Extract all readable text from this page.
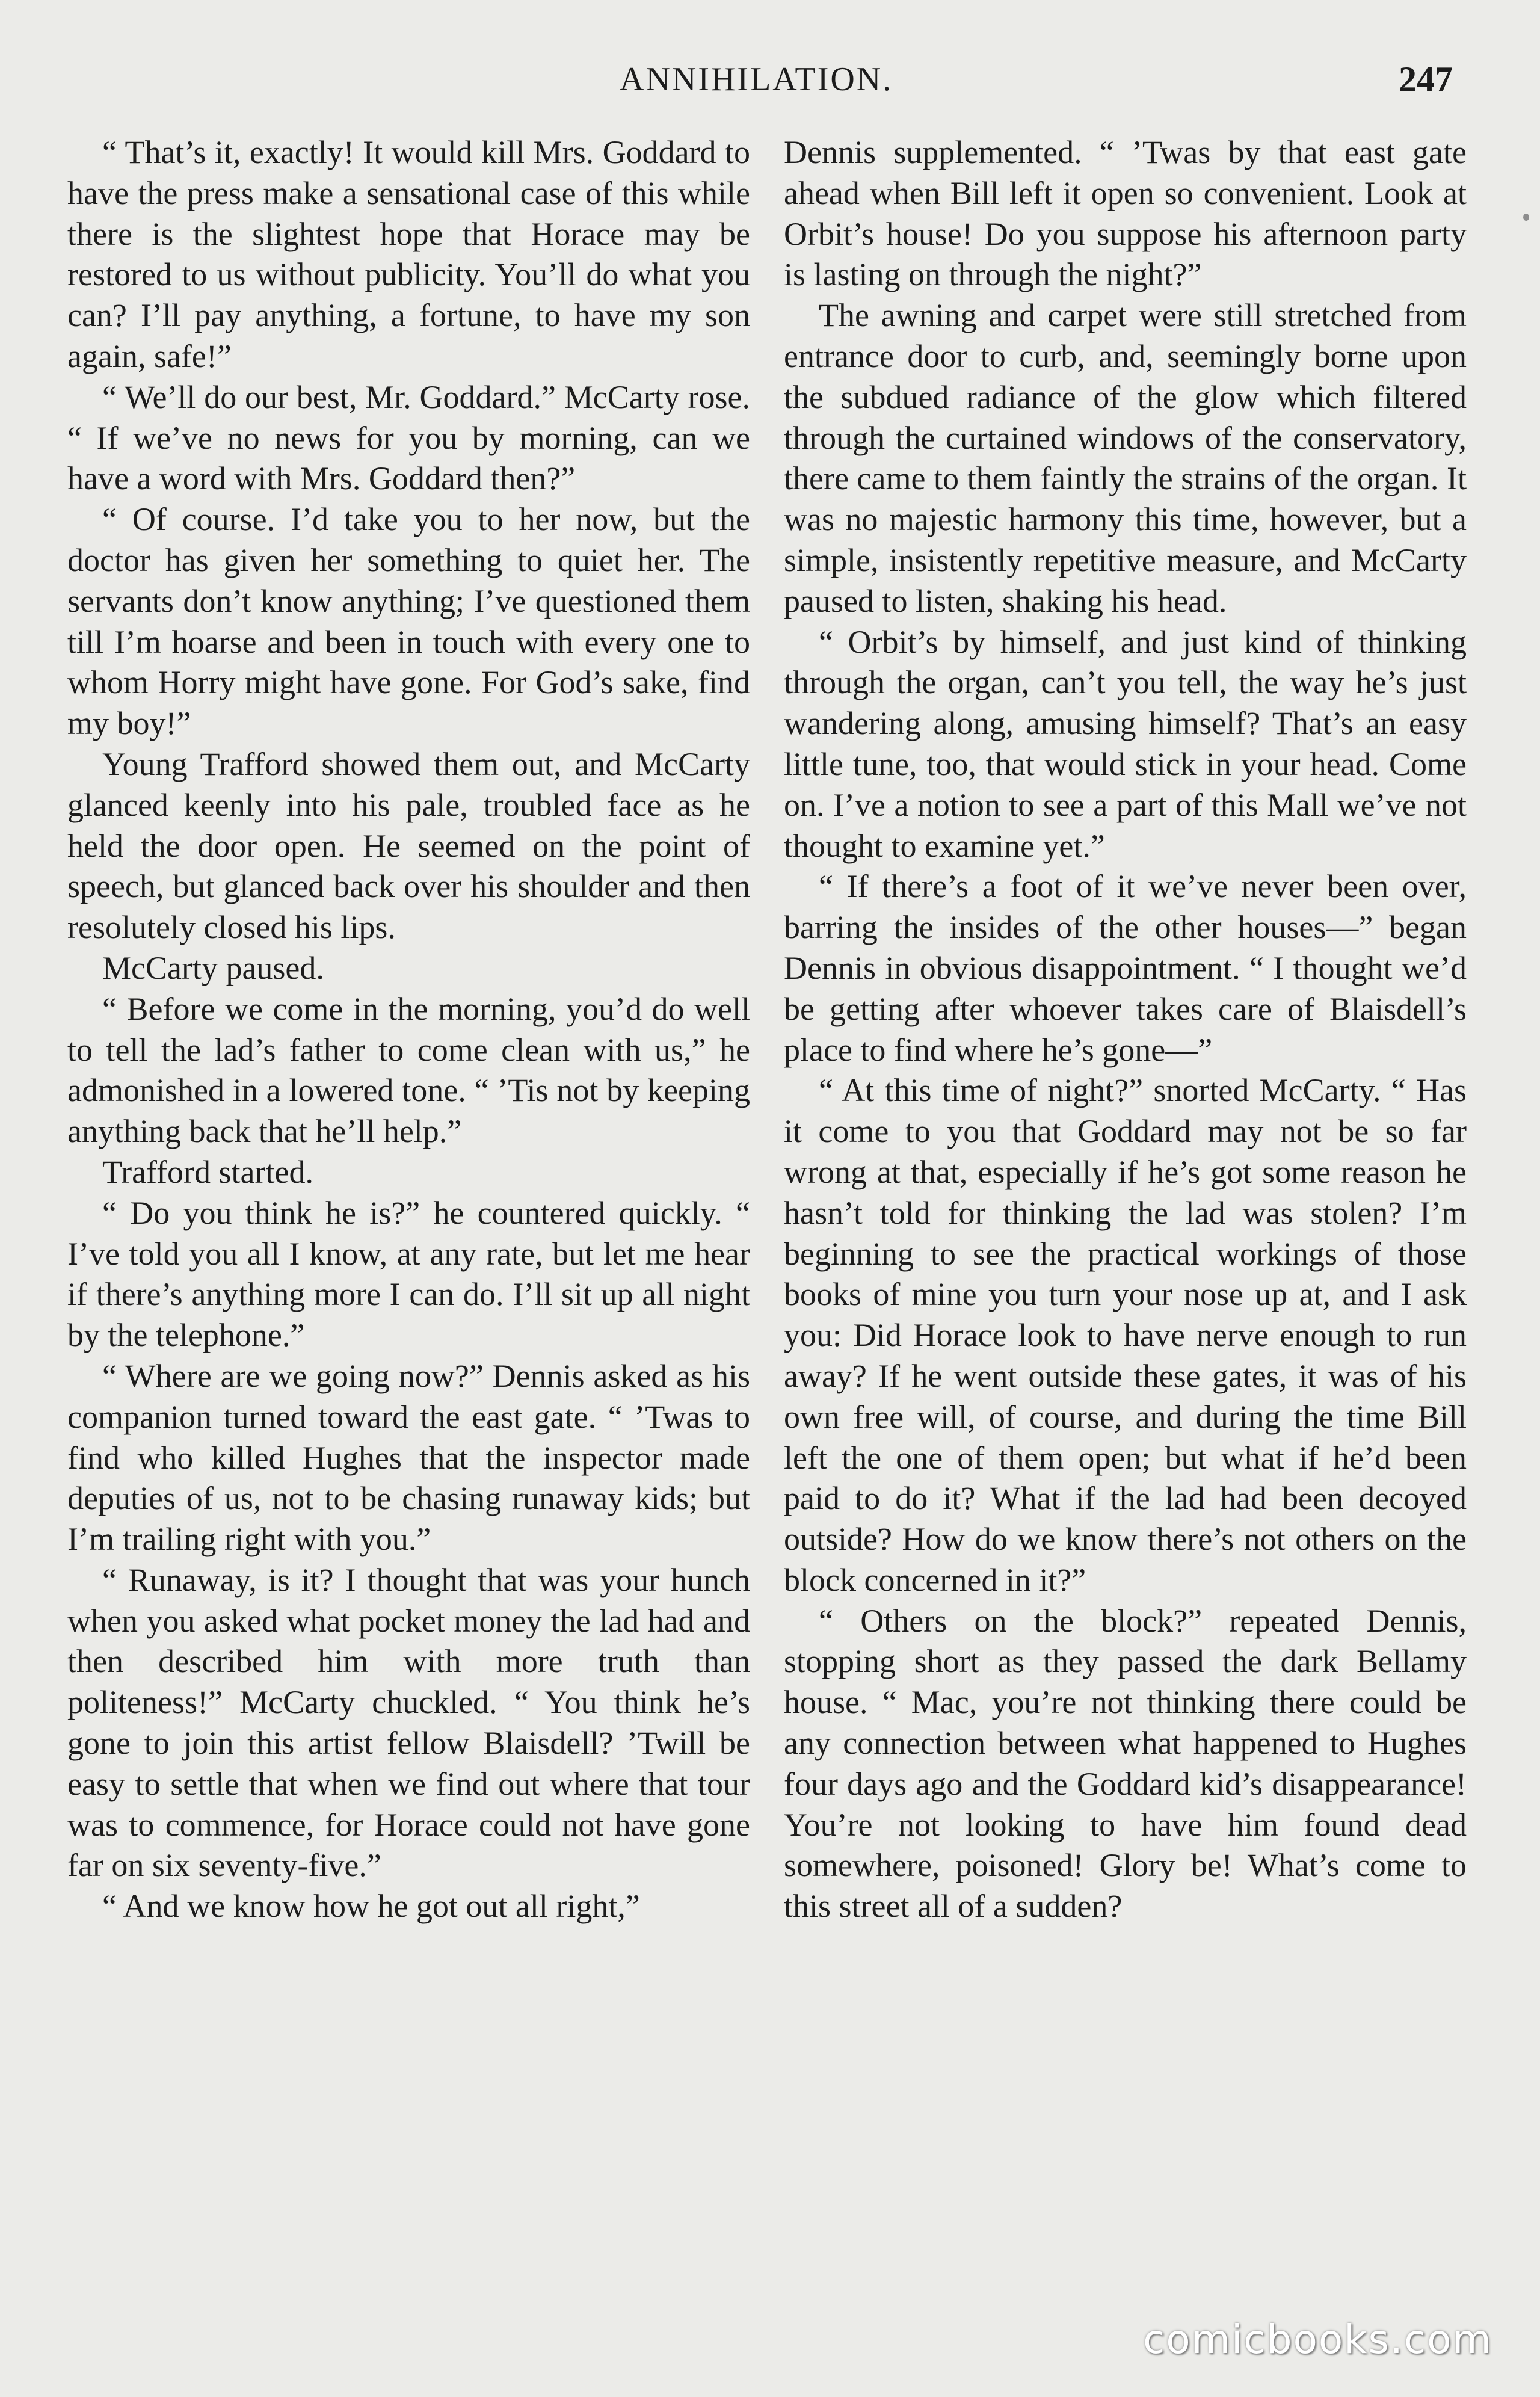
ANNIHILATION.	247

“ That’s it, exactly! It would kill Mrs. Goddard to have the press make a sensational case of this while there is the slightest hope that Horace may be restored to us without publicity. You’ll do what you can? I’ll pay anything, a fortune, to have my son again, safe!”

“ We’ll do our best, Mr. Goddard.” McCarty rose. “ If we’ve no news for you by morning, can we have a word with Mrs. Goddard then?”

“ Of course. I’d take you to her now, but the doctor has given her something to quiet her. The servants don’t know anything; I’ve questioned them till I’m hoarse and been in touch with every one to whom Horry might have gone. For God’s sake, find my boy!”

Young Trafford showed them out, and McCarty glanced keenly into his pale, troubled face as he held the door open. He seemed on the point of speech, but glanced back over his shoulder and then resolutely closed his lips.

McCarty paused.

“ Before we come in the morning, you’d do well to tell the lad’s father to come clean with us,” he admonished in a lowered tone. “ ’Tis not by keeping anything back that he’ll help.”

Trafford started.

“ Do you think he is?” he countered quickly. “ I’ve told you all I know, at any rate, but let me hear if there’s anything more I can do. I’ll sit up all night by the telephone.”

“ Where are we going now?” Dennis asked as his companion turned toward the east gate. “ ’Twas to find who killed Hughes that the inspector made deputies of us, not to be chasing runaway kids; but I’m trailing right with you.”

“ Runaway, is it? I thought that was your hunch when you asked what pocket money the lad had and then described him with more truth than politeness!” McCarty chuckled. “ You think he’s gone to join this artist fellow Blaisdell? ’Twill be easy to settle that when we find out where that tour was to commence, for Horace could not have gone far on six seventy-five.”

“ And we know how he got out all right,”

Dennis supplemented. “ ’Twas by that east gate ahead when Bill left it open so convenient. Look at Orbit’s house! Do you suppose his afternoon party is lasting on through the night?”

The awning and carpet were still stretched from entrance door to curb, and, seemingly borne upon the subdued radiance of the glow which filtered through the curtained windows of the conservatory, there came to them faintly the strains of the organ. It was no majestic harmony this time, however, but a simple, insistently repetitive measure, and McCarty paused to listen, shaking his head.

“ Orbit’s by himself, and just kind of thinking through the organ, can’t you tell, the way he’s just wandering along, amusing himself? That’s an easy little tune, too, that would stick in your head. Come on. I’ve a notion to see a part of this Mall we’ve not thought to examine yet.”

“ If there’s a foot of it we’ve never been over, barring the insides of the other houses—” began Dennis in obvious disappointment. “ I thought we’d be getting after whoever takes care of Blaisdell’s place to find where he’s gone—”

“ At this time of night?” snorted McCarty. “ Has it come to you that Goddard may not be so far wrong at that, especially if he’s got some reason he hasn’t told for thinking the lad was stolen? I’m beginning to see the practical workings of those books of mine you turn your nose up at, and I ask you: Did Horace look to have nerve enough to run away? If he went outside these gates, it was of his own free will, of course, and during the time Bill left the one of them open; but what if he’d been paid to do it? What if the lad had been decoyed outside? How do we know there’s not others on the block concerned in it?”

“ Others on the block?” repeated Dennis, stopping short as they passed the dark Bellamy house. “ Mac, you’re not thinking there could be any connection between what happened to Hughes four days ago and the Goddard kid’s disappearance! You’re not looking to have him found dead somewhere, poisoned! Glory be! What’s come to this street all of a sudden?

comicbooks.com
